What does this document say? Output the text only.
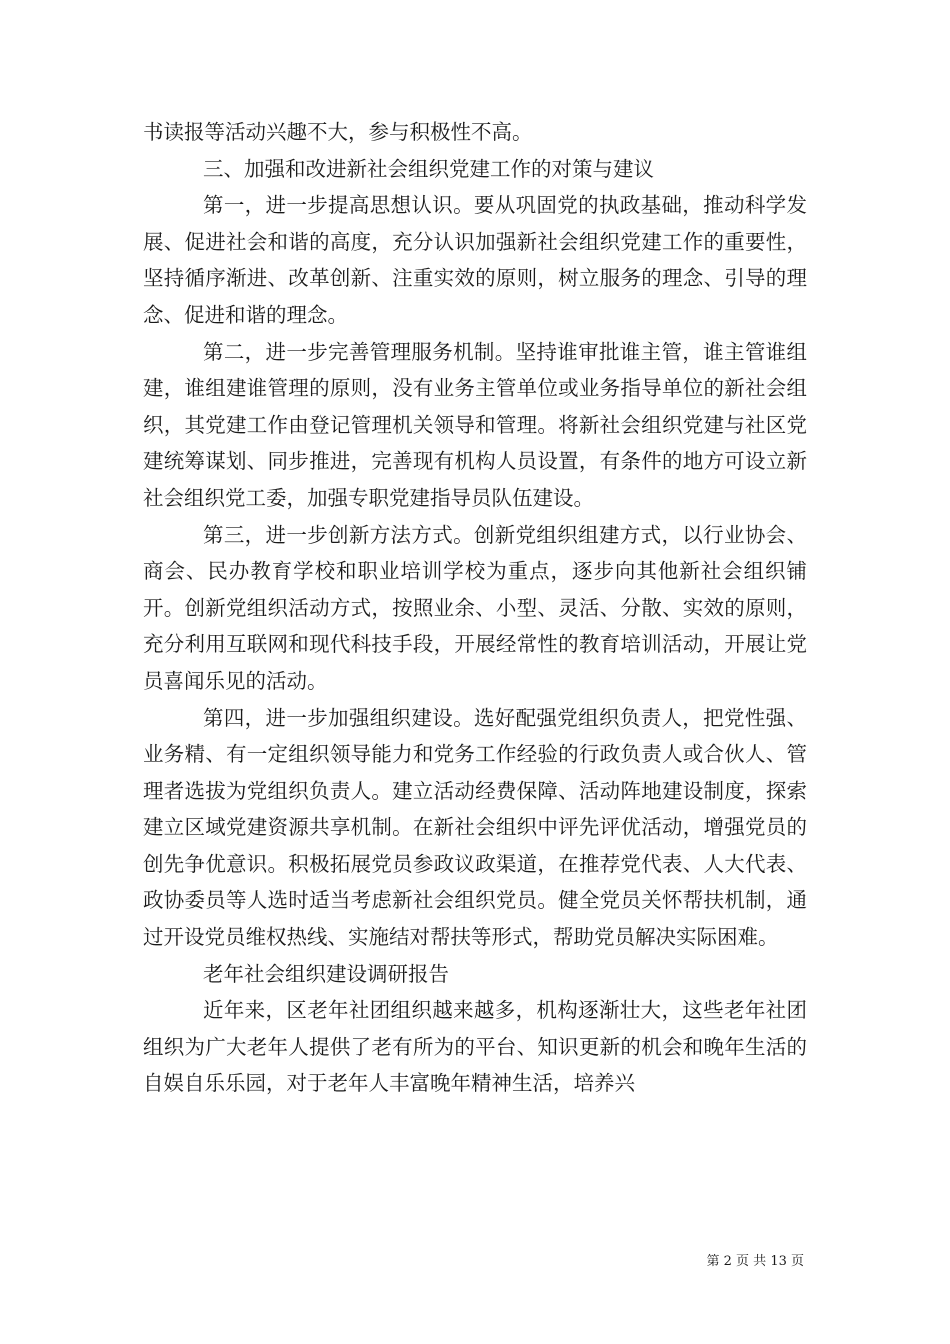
书读报等活动兴趣不大，参与积极性不高。

三、加强和改进新社会组织党建工作的对策与建议

第一，进一步提高思想认识。要从巩固党的执政基础，推动科学发展、促进社会和谐的高度，充分认识加强新社会组织党建工作的重要性，坚持循序渐进、改革创新、注重实效的原则，树立服务的理念、引导的理念、促进和谐的理念。

第二，进一步完善管理服务机制。坚持谁审批谁主管，谁主管谁组建，谁组建谁管理的原则，没有业务主管单位或业务指导单位的新社会组织，其党建工作由登记管理机关领导和管理。将新社会组织党建与社区党建统筹谋划、同步推进，完善现有机构人员设置，有条件的地方可设立新社会组织党工委，加强专职党建指导员队伍建设。

第三，进一步创新方法方式。创新党组织组建方式，以行业协会、商会、民办教育学校和职业培训学校为重点，逐步向其他新社会组织铺开。创新党组织活动方式，按照业余、小型、灵活、分散、实效的原则，充分利用互联网和现代科技手段，开展经常性的教育培训活动，开展让党员喜闻乐见的活动。

第四，进一步加强组织建设。选好配强党组织负责人，把党性强、业务精、有一定组织领导能力和党务工作经验的行政负责人或合伙人、管理者选拔为党组织负责人。建立活动经费保障、活动阵地建设制度，探索建立区域党建资源共享机制。在新社会组织中评先评优活动，增强党员的创先争优意识。积极拓展党员参政议政渠道，在推荐党代表、人大代表、政协委员等人选时适当考虑新社会组织党员。健全党员关怀帮扶机制，通过开设党员维权热线、实施结对帮扶等形式，帮助党员解决实际困难。

老年社会组织建设调研报告

近年来，区老年社团组织越来越多，机构逐渐壮大，这些老年社团组织为广大老年人提供了老有所为的平台、知识更新的机会和晚年生活的自娱自乐乐园，对于老年人丰富晚年精神生活，培养兴

第 2 页 共 13 页
